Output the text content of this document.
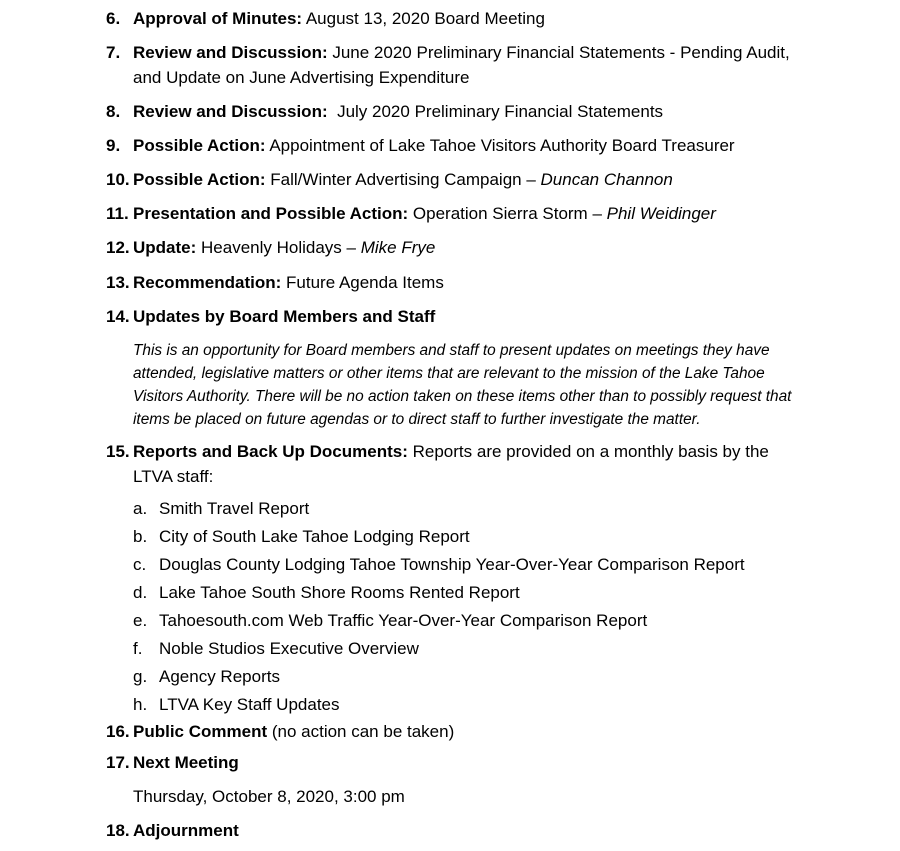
6. Approval of Minutes: August 13, 2020 Board Meeting
7. Review and Discussion: June 2020 Preliminary Financial Statements - Pending Audit, and Update on June Advertising Expenditure
8. Review and Discussion:  July 2020 Preliminary Financial Statements
9. Possible Action: Appointment of Lake Tahoe Visitors Authority Board Treasurer
10. Possible Action: Fall/Winter Advertising Campaign – Duncan Channon
11. Presentation and Possible Action: Operation Sierra Storm – Phil Weidinger
12. Update: Heavenly Holidays – Mike Frye
13. Recommendation: Future Agenda Items
14. Updates by Board Members and Staff
This is an opportunity for Board members and staff to present updates on meetings they have attended, legislative matters or other items that are relevant to the mission of the Lake Tahoe Visitors Authority. There will be no action taken on these items other than to possibly request that items be placed on future agendas or to direct staff to further investigate the matter.
15. Reports and Back Up Documents: Reports are provided on a monthly basis by the LTVA staff:
a. Smith Travel Report
b. City of South Lake Tahoe Lodging Report
c. Douglas County Lodging Tahoe Township Year-Over-Year Comparison Report
d. Lake Tahoe South Shore Rooms Rented Report
e. Tahoesouth.com Web Traffic Year-Over-Year Comparison Report
f. Noble Studios Executive Overview
g. Agency Reports
h. LTVA Key Staff Updates
16. Public Comment (no action can be taken)
17. Next Meeting
Thursday, October 8, 2020, 3:00 pm
18. Adjournment
